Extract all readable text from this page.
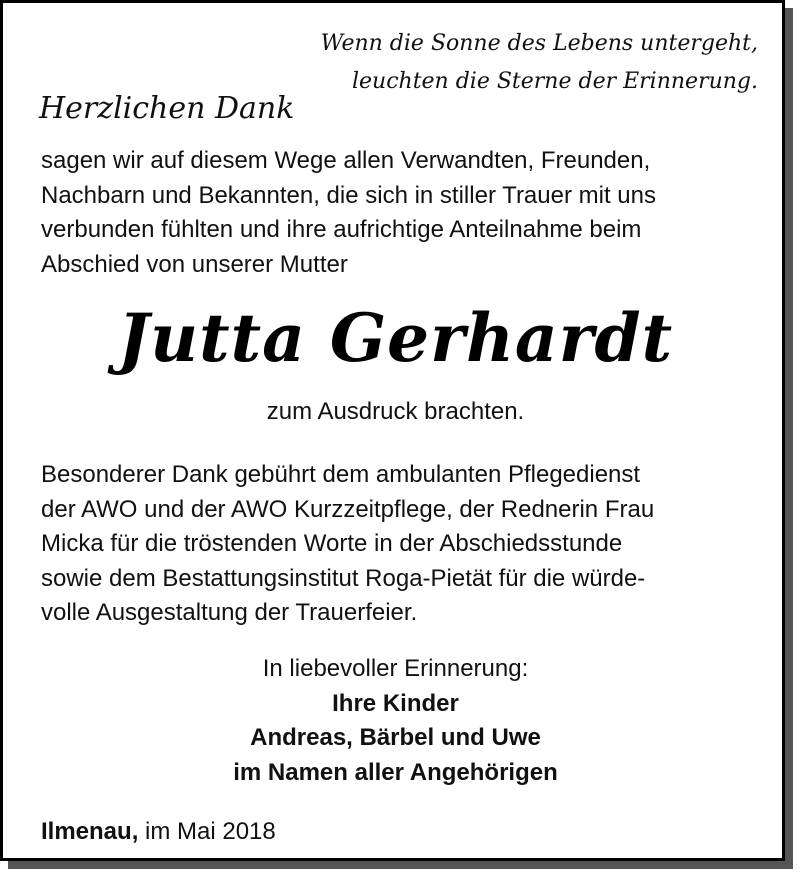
Wenn die Sonne des Lebens untergeht,
leuchten die Sterne der Erinnerung.
Herzlichen Dank
sagen wir auf diesem Wege allen Verwandten, Freunden,
Nachbarn und Bekannten, die sich in stiller Trauer mit uns
verbunden fühlten und ihre aufrichtige Anteilnahme beim
Abschied von unserer Mutter
Jutta Gerhardt
zum Ausdruck brachten.
Besonderer Dank gebührt dem ambulanten Pflegedienst
der AWO und der AWO Kurzzeitpflege, der Rednerin Frau
Micka für die tröstenden Worte in der Abschiedsstunde
sowie dem Bestattungsinstitut Roga-Pietät für die würde-
volle Ausgestaltung der Trauerfeier.
In liebevoller Erinnerung:
Ihre Kinder
Andreas, Bärbel und Uwe
im Namen aller Angehörigen
Ilmenau, im Mai 2018
